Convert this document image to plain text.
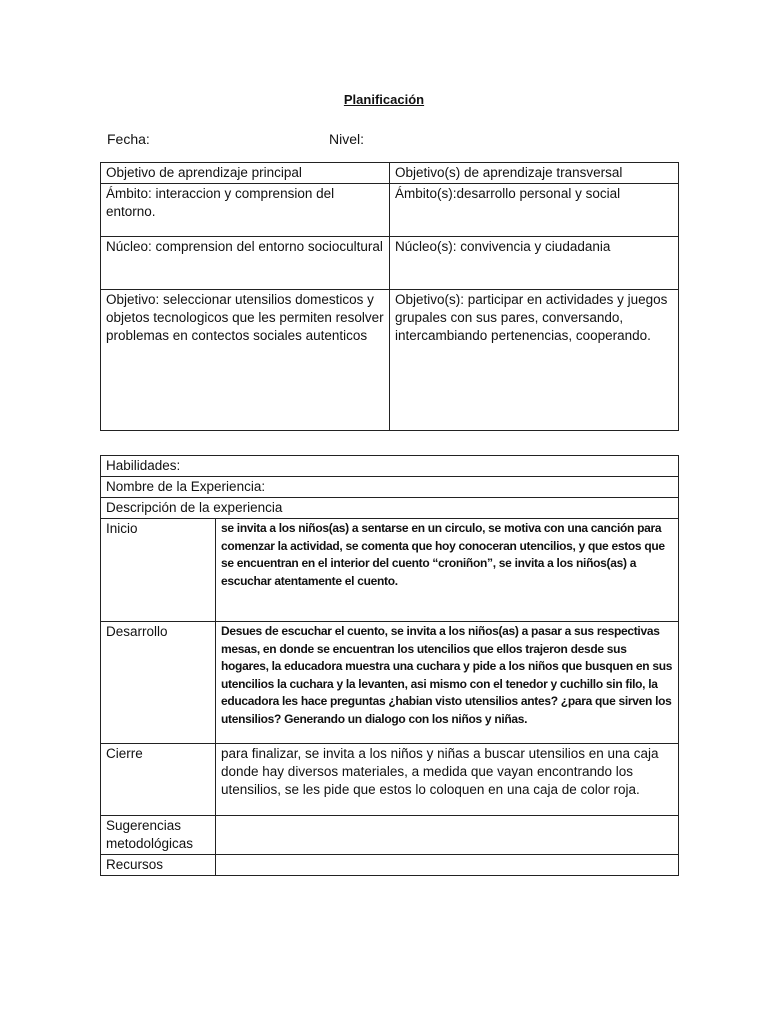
Planificación
Fecha:	Nivel:
Objetivo de aprendizaje principal	Objetivo(s) de aprendizaje transversal
Ámbito: interaccion y comprension del entorno.	Ámbito(s):desarrollo personal y social
Núcleo: comprension del entorno sociocultural	Núcleo(s): convivencia y ciudadania
Objetivo: seleccionar utensilios domesticos y objetos tecnologicos que les permiten resolver problemas en contectos sociales autenticos	Objetivo(s): participar en actividades y juegos grupales con sus pares, conversando, intercambiando pertenencias, cooperando.
Habilidades:	
Nombre de la Experiencia:	
Descripción de la experiencia	
Inicio	se invita a los niños(as) a sentarse en un circulo, se motiva con una canción para comenzar la actividad, se comenta que hoy conoceran utencilios, y que estos que se encuentran en el interior del cuento “croniñon”, se invita a los niños(as) a escuchar atentamente el cuento.
Desarrollo	Desues de escuchar el cuento, se invita a los niños(as) a pasar a sus respectivas mesas, en donde se encuentran los utencilios que ellos trajeron desde sus hogares, la educadora muestra una cuchara y pide a los niños que busquen en sus utencilios la cuchara y la levanten, asi mismo con el tenedor y cuchillo sin filo, la educadora les hace preguntas ¿habian visto utensilios antes? ¿para que sirven los utensilios? Generando un dialogo con los niños y niñas.
Cierre	para finalizar, se invita a los niños y niñas a buscar utensilios en una caja donde hay diversos materiales, a medida que vayan encontrando los utensilios, se les pide que estos lo coloquen en una caja de color roja.
Sugerencias metodológicas	
Recursos	
